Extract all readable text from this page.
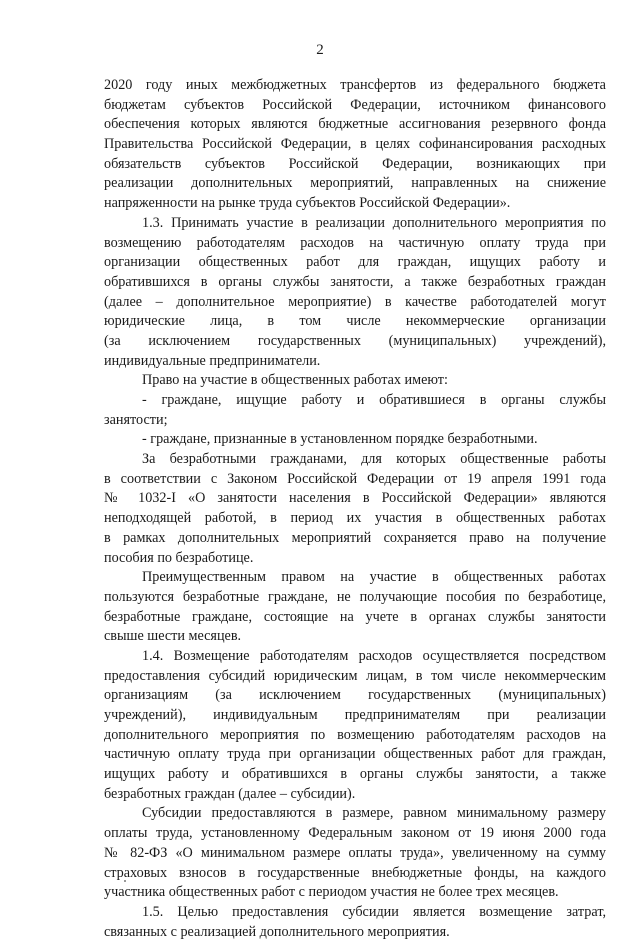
2
2020 году иных межбюджетных трансфертов из федерального бюджета
бюджетам субъектов Российской Федерации, источником финансового
обеспечения которых являются бюджетные ассигнования резервного фонда
Правительства Российской Федерации, в целях софинансирования расходных
обязательств субъектов Российской Федерации, возникающих при
реализации дополнительных мероприятий, направленных на снижение
напряженности на рынке труда субъектов Российской Федерации».
1.3. Принимать участие в реализации дополнительного мероприятия по
возмещению работодателям расходов на частичную оплату труда при
организации общественных работ для граждан, ищущих работу и
обратившихся в органы службы занятости, а также безработных граждан
(далее – дополнительное мероприятие) в качестве работодателей могут
юридические лица, в том числе некоммерческие организации
(за исключением государственных (муниципальных) учреждений),
индивидуальные предприниматели.
Право на участие в общественных работах имеют:
- граждане, ищущие работу и обратившиеся в органы службы
занятости;
- граждане, признанные в установленном порядке безработными.
За безработными гражданами, для которых общественные работы
в соответствии с Законом Российской Федерации от 19 апреля 1991 года
№ 1032-I «О занятости населения в Российской Федерации» являются
неподходящей работой, в период их участия в общественных работах
в рамках дополнительных мероприятий сохраняется право на получение
пособия по безработице.
Преимущественным правом на участие в общественных работах
пользуются безработные граждане, не получающие пособия по безработице,
безработные граждане, состоящие на учете в органах службы занятости
свыше шести месяцев.
1.4. Возмещение работодателям расходов осуществляется посредством
предоставления субсидий юридическим лицам, в том числе некоммерческим
организациям (за исключением государственных (муниципальных)
учреждений), индивидуальным предпринимателям при реализации
дополнительного мероприятия по возмещению работодателям расходов на
частичную оплату труда при организации общественных работ для граждан,
ищущих работу и обратившихся в органы службы занятости, а также
безработных граждан (далее – субсидии).
Субсидии предоставляются в размере, равном минимальному размеру
оплаты труда, установленному Федеральным законом от 19 июня 2000 года
№ 82-ФЗ «О минимальном размере оплаты труда», увеличенному на сумму
страховых взносов в государственные внебюджетные фонды, на каждого
участника общественных работ с периодом участия не более трех месяцев.
1.5. Целью предоставления субсидии является возмещение затрат,
связанных с реализацией дополнительного мероприятия.
